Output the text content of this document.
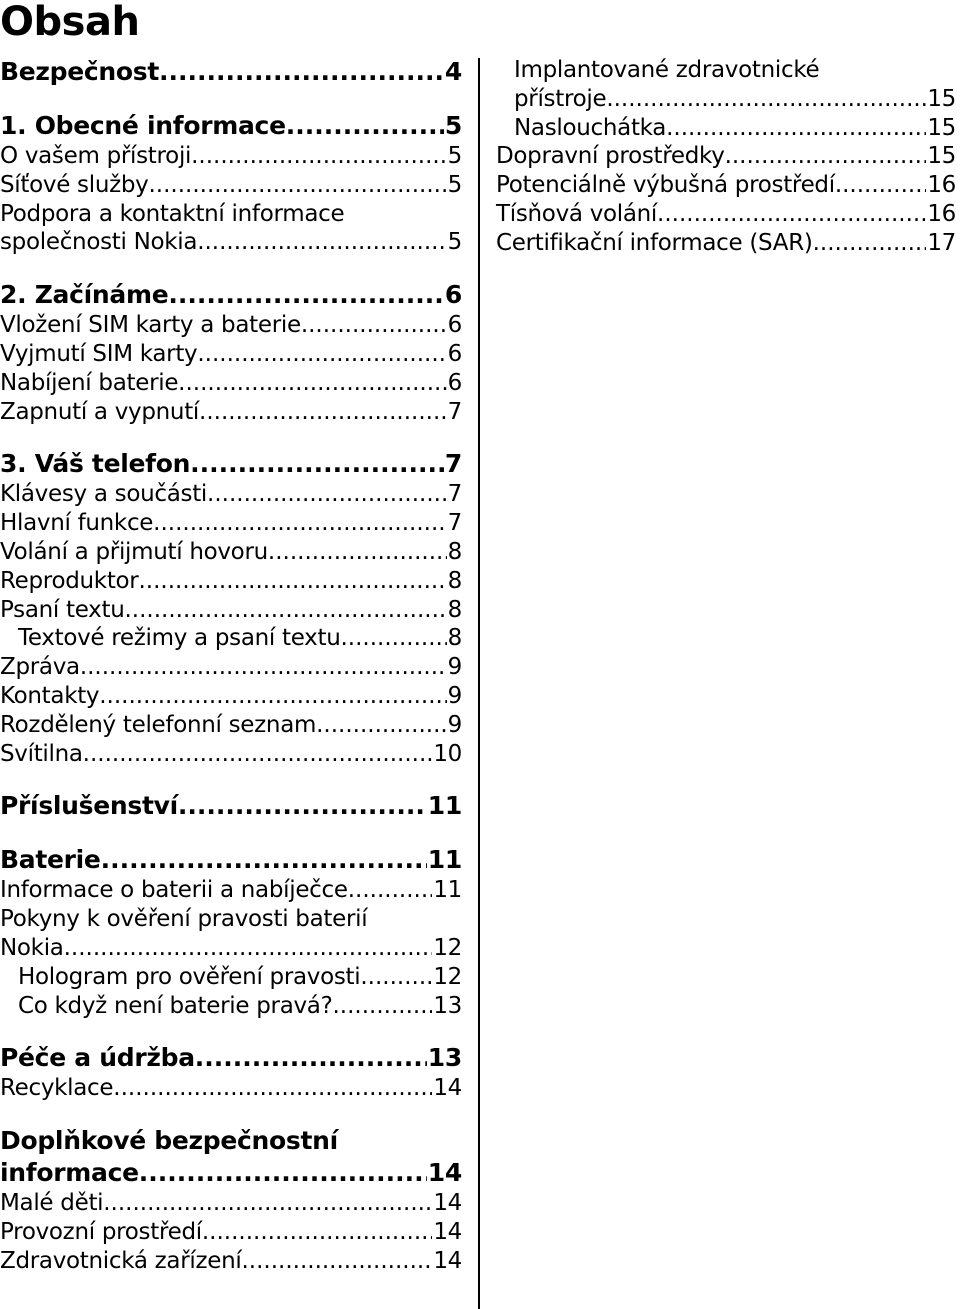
Obsah
Bezpečnost .....	4
1. Obecné informace .....	5
O vašem přístroji .....	5
Síťové služby .....	5
Podpora a kontaktní informace
společnosti Nokia .....	5
2. Začínáme .....	6
Vložení SIM karty a baterie .....	6
Vyjmutí SIM karty .....	6
Nabíjení baterie .....	6
Zapnutí a vypnutí .....	7
3. Váš telefon .....	7
Klávesy a součásti .....	7
Hlavní funkce .....	7
Volání a přijmutí hovoru .....	8
Reproduktor .....	8
Psaní textu .....	8
Textové režimy a psaní textu .....	8
Zpráva .....	9
Kontakty .....	9
Rozdělený telefonní seznam .....	9
Svítilna .....	10
Příslušenství .....	11
Baterie .....	11
Informace o baterii a nabíječce .....	11
Pokyny k ověření pravosti baterií
Nokia .....	12
Hologram pro ověření pravosti .....	12
Co když není baterie pravá? .....	13
Péče a údržba .....	13
Recyklace .....	14
Doplňkové bezpečnostní
informace .....	14
Malé děti .....	14
Provozní prostředí .....	14
Zdravotnická zařízení .....	14
Implantované zdravotnické
přístroje .....	15
Naslouchátka .....	15
Dopravní prostředky .....	15
Potenciálně výbušná prostředí .....	16
Tísňová volání .....	16
Certifikační informace (SAR) .....	17
